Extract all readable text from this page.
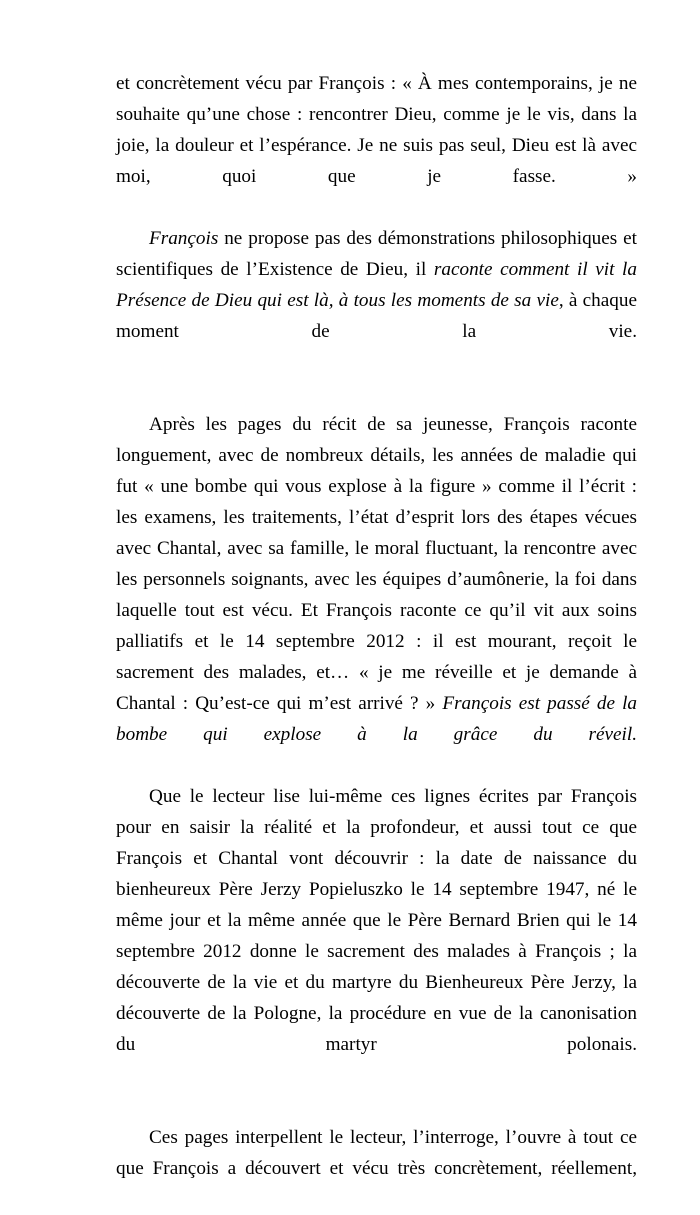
et concrètement vécu par François : « À mes contemporains, je ne souhaite qu’une chose : rencontrer Dieu, comme je le vis, dans la joie, la douleur et l’espérance. Je ne suis pas seul, Dieu est là avec moi, quoi que je fasse. »

François ne propose pas des démonstrations philosophiques et scientifiques de l’Existence de Dieu, il raconte comment il vit la Présence de Dieu qui est là, à tous les moments de sa vie, à chaque moment de la vie.

Après les pages du récit de sa jeunesse, François raconte longuement, avec de nombreux détails, les années de maladie qui fut « une bombe qui vous explose à la figure » comme il l’écrit : les examens, les traitements, l’état d’esprit lors des étapes vécues avec Chantal, avec sa famille, le moral fluctuant, la rencontre avec les personnels soignants, avec les équipes d’aumônerie, la foi dans laquelle tout est vécu. Et François raconte ce qu’il vit aux soins palliatifs et le 14 septembre 2012 : il est mourant, reçoit le sacrement des malades, et… « je me réveille et je demande à Chantal : Qu’est-ce qui m’est arrivé ? » François est passé de la bombe qui explose à la grâce du réveil.

Que le lecteur lise lui-même ces lignes écrites par François pour en saisir la réalité et la profondeur, et aussi tout ce que François et Chantal vont découvrir : la date de naissance du bienheureux Père Jerzy Popieluszko le 14 septembre 1947, né le même jour et la même année que le Père Bernard Brien qui le 14 septembre 2012 donne le sacrement des malades à François ; la découverte de la vie et du martyre du Bienheureux Père Jerzy, la découverte de la Pologne, la procédure en vue de la canonisation du martyr polonais.

Ces pages interpellent le lecteur, l’interroge, l’ouvre à tout ce que François a découvert et vécu très concrètement, réellement,
